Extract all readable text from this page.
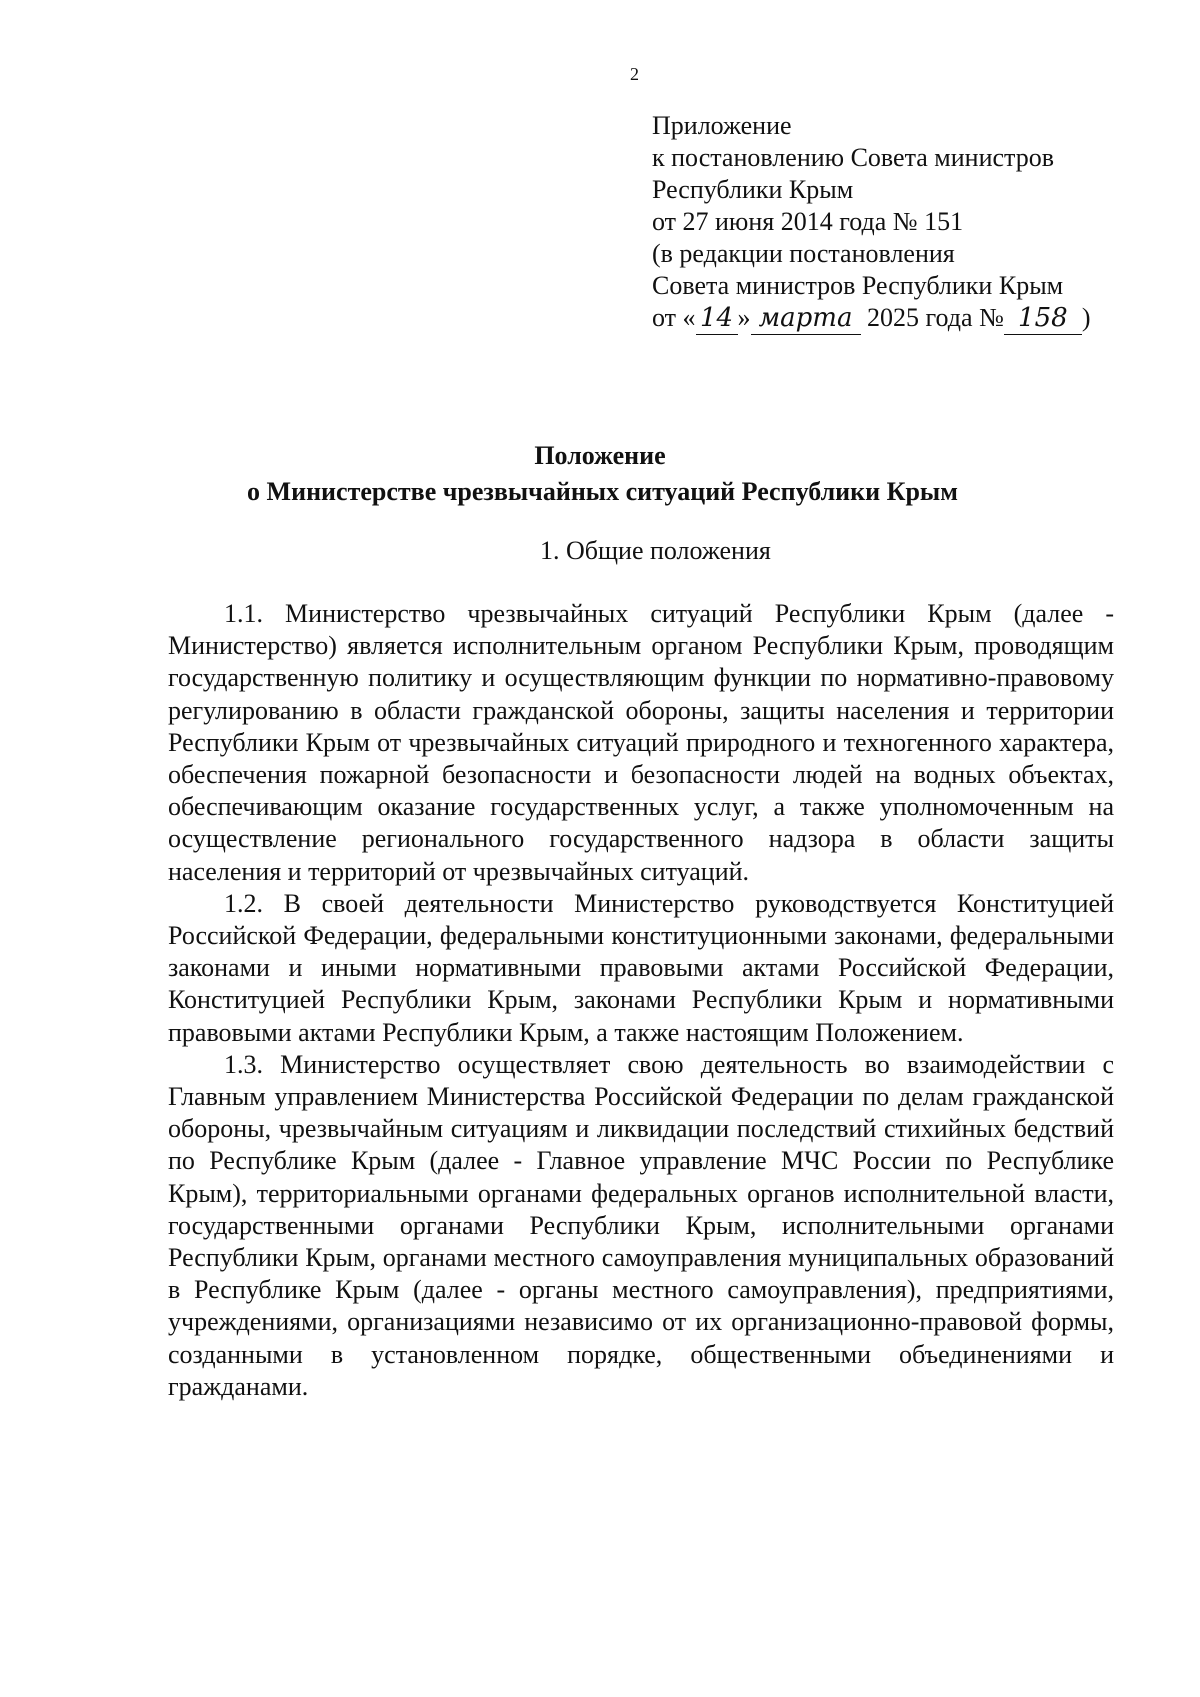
2
Приложение
к постановлению Совета министров
Республики Крым
от 27 июня 2014 года № 151
(в редакции постановления
Совета министров Республики Крым
от « 14 » марта 2025 года № 158 )
Положение
о Министерстве чрезвычайных ситуаций Республики Крым
1. Общие положения

1.1. Министерство чрезвычайных ситуаций Республики Крым (далее - Министерство) является исполнительным органом Республики Крым, проводящим государственную политику и осуществляющим функции по нормативно-правовому регулированию в области гражданской обороны, защиты населения и территории Республики Крым от чрезвычайных ситуаций природного и техногенного характера, обеспечения пожарной безопасности и безопасности людей на водных объектах, обеспечивающим оказание государственных услуг, а также уполномоченным на осуществление регионального государственного надзора в области защиты населения и территорий от чрезвычайных ситуаций.

1.2. В своей деятельности Министерство руководствуется Конституцией Российской Федерации, федеральными конституционными законами, федеральными законами и иными нормативными правовыми актами Российской Федерации, Конституцией Республики Крым, законами Республики Крым и нормативными правовыми актами Республики Крым, а также настоящим Положением.

1.3. Министерство осуществляет свою деятельность во взаимодействии с Главным управлением Министерства Российской Федерации по делам гражданской обороны, чрезвычайным ситуациям и ликвидации последствий стихийных бедствий по Республике Крым (далее - Главное управление МЧС России по Республике Крым), территориальными органами федеральных органов исполнительной власти, государственными органами Республики Крым, исполнительными органами Республики Крым, органами местного самоуправления муниципальных образований в Республике Крым (далее - органы местного самоуправления), предприятиями, учреждениями, организациями независимо от их организационно-правовой формы, созданными в установленном порядке, общественными объединениями и гражданами.
